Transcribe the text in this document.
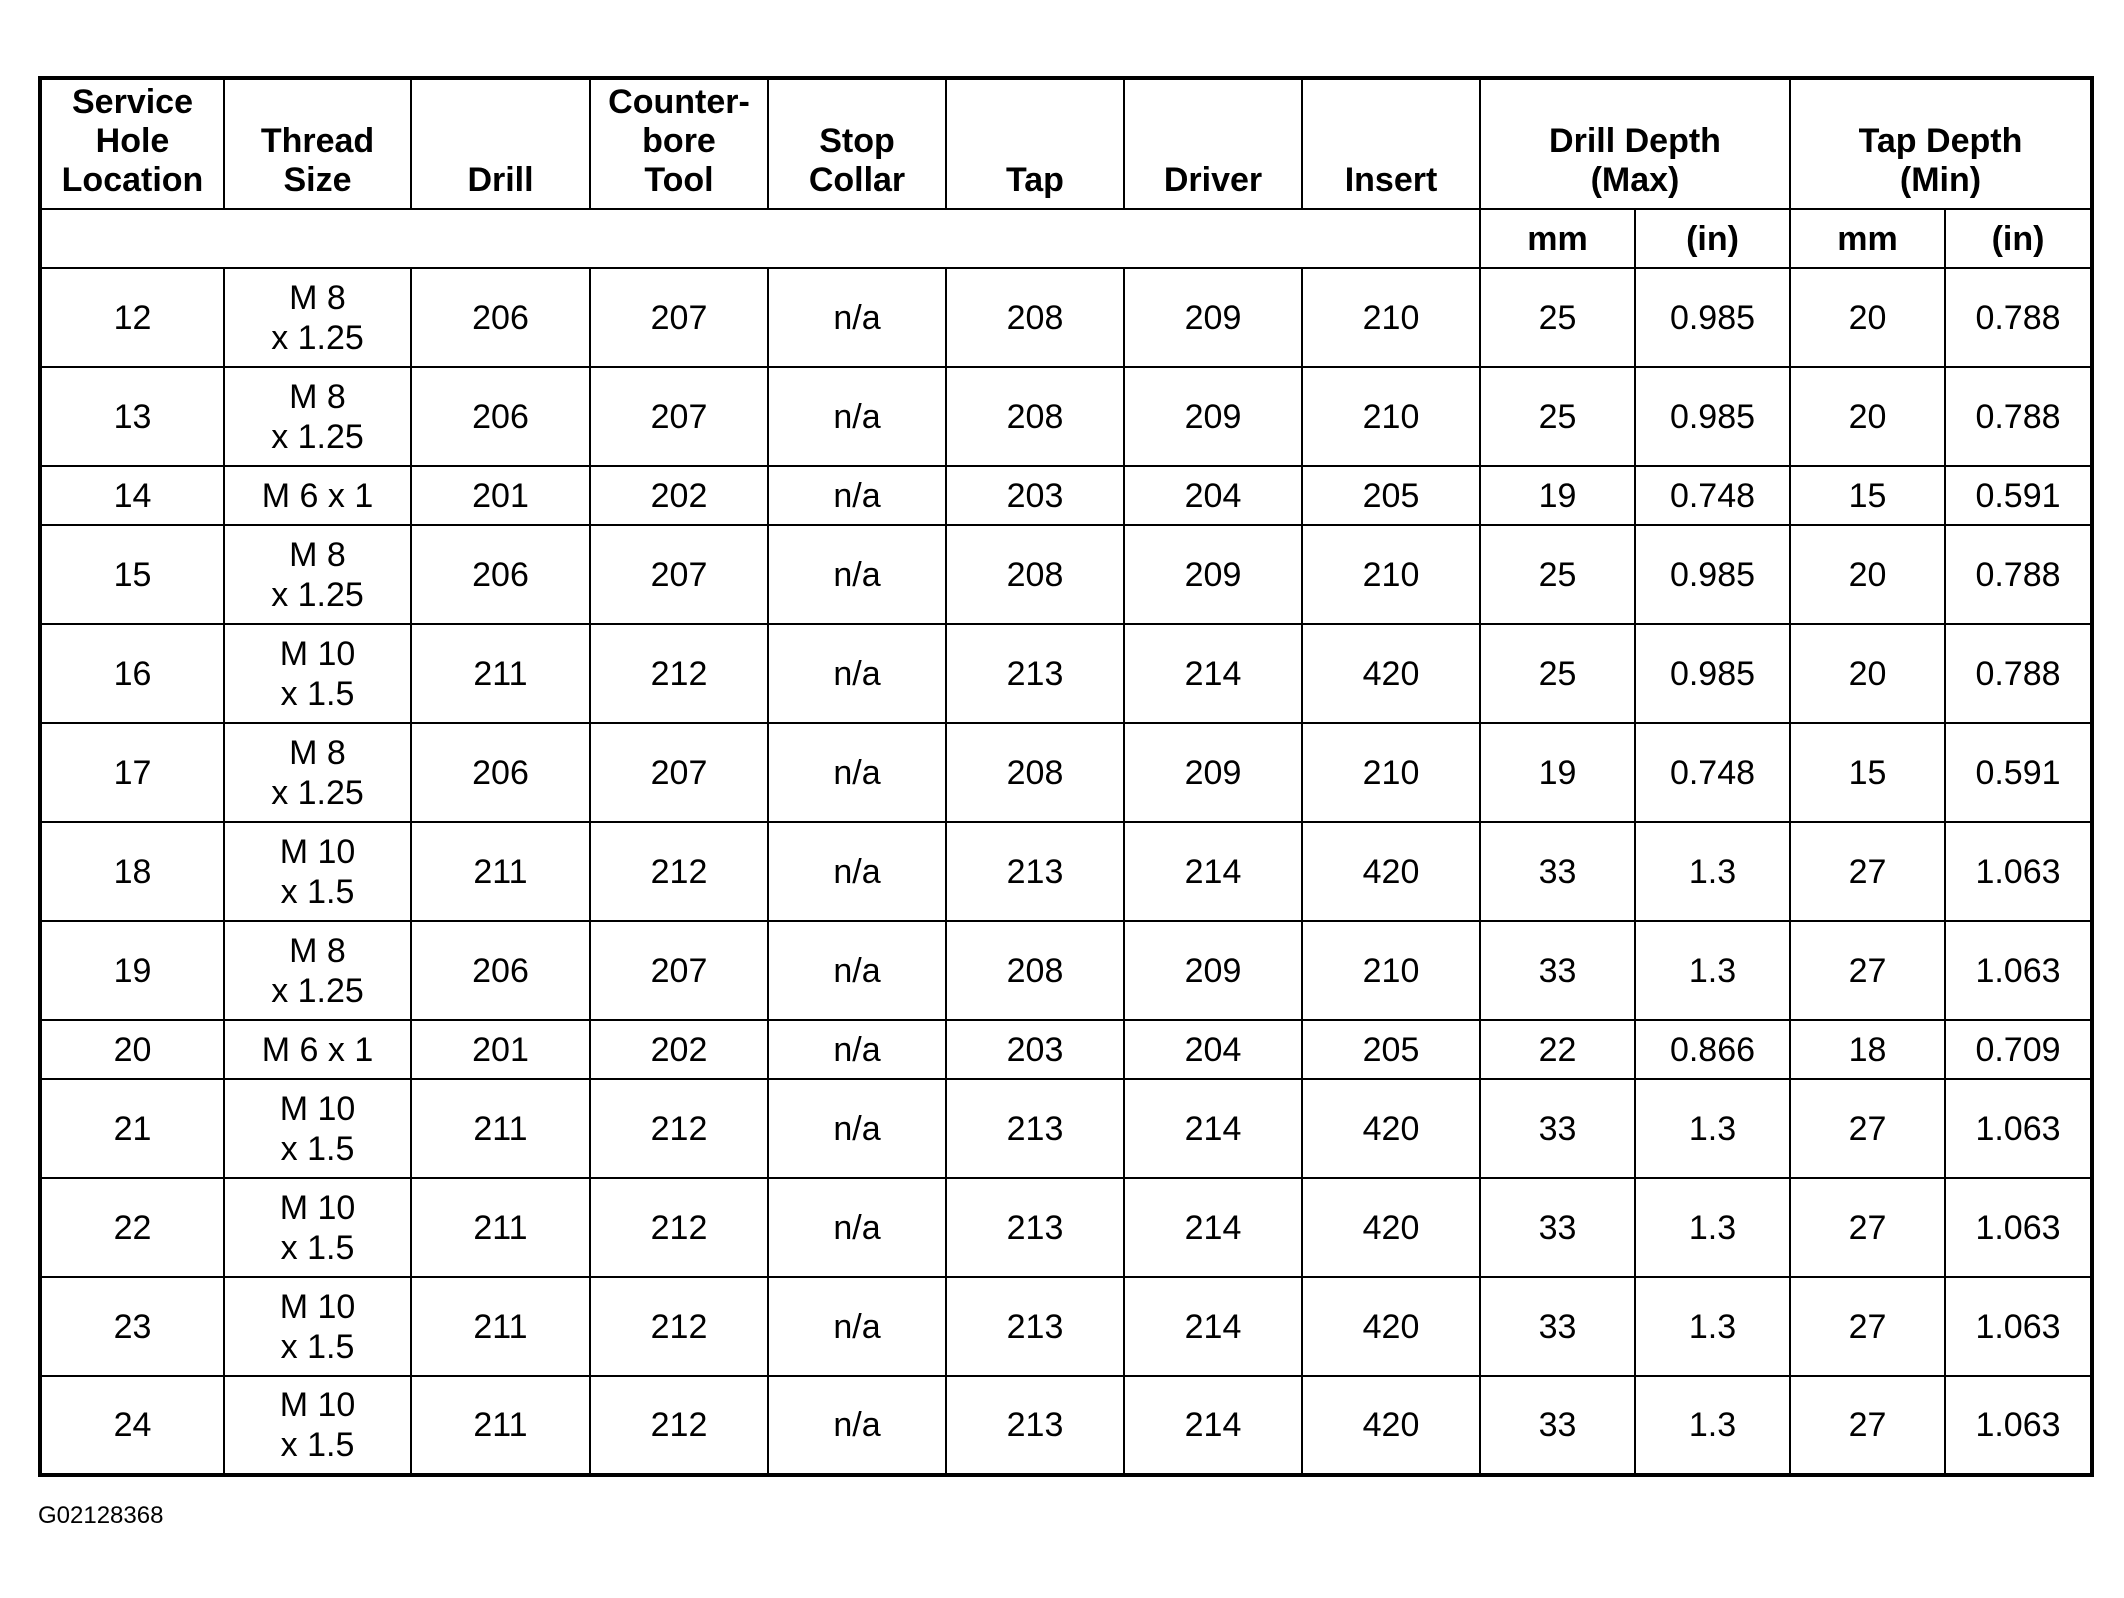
Service
Hole
Location	Thread
Size	Drill	Counter-
bore
Tool	Stop
Collar	Tap	Driver	Insert	Drill Depth
(Max)		Tap Depth
(Min)	
								mm	(in)	mm	(in)
12	M 8
x 1.25	206	207	n/a	208	209	210	25	0.985	20	0.788
13	M 8
x 1.25	206	207	n/a	208	209	210	25	0.985	20	0.788
14	M 6 x 1	201	202	n/a	203	204	205	19	0.748	15	0.591
15	M 8
x 1.25	206	207	n/a	208	209	210	25	0.985	20	0.788
16	M 10
x 1.5	211	212	n/a	213	214	420	25	0.985	20	0.788
17	M 8
x 1.25	206	207	n/a	208	209	210	19	0.748	15	0.591
18	M 10
x 1.5	211	212	n/a	213	214	420	33	1.3	27	1.063
19	M 8
x 1.25	206	207	n/a	208	209	210	33	1.3	27	1.063
20	M 6 x 1	201	202	n/a	203	204	205	22	0.866	18	0.709
21	M 10
x 1.5	211	212	n/a	213	214	420	33	1.3	27	1.063
22	M 10
x 1.5	211	212	n/a	213	214	420	33	1.3	27	1.063
23	M 10
x 1.5	211	212	n/a	213	214	420	33	1.3	27	1.063
24	M 10
x 1.5	211	212	n/a	213	214	420	33	1.3	27	1.063
G02128368
